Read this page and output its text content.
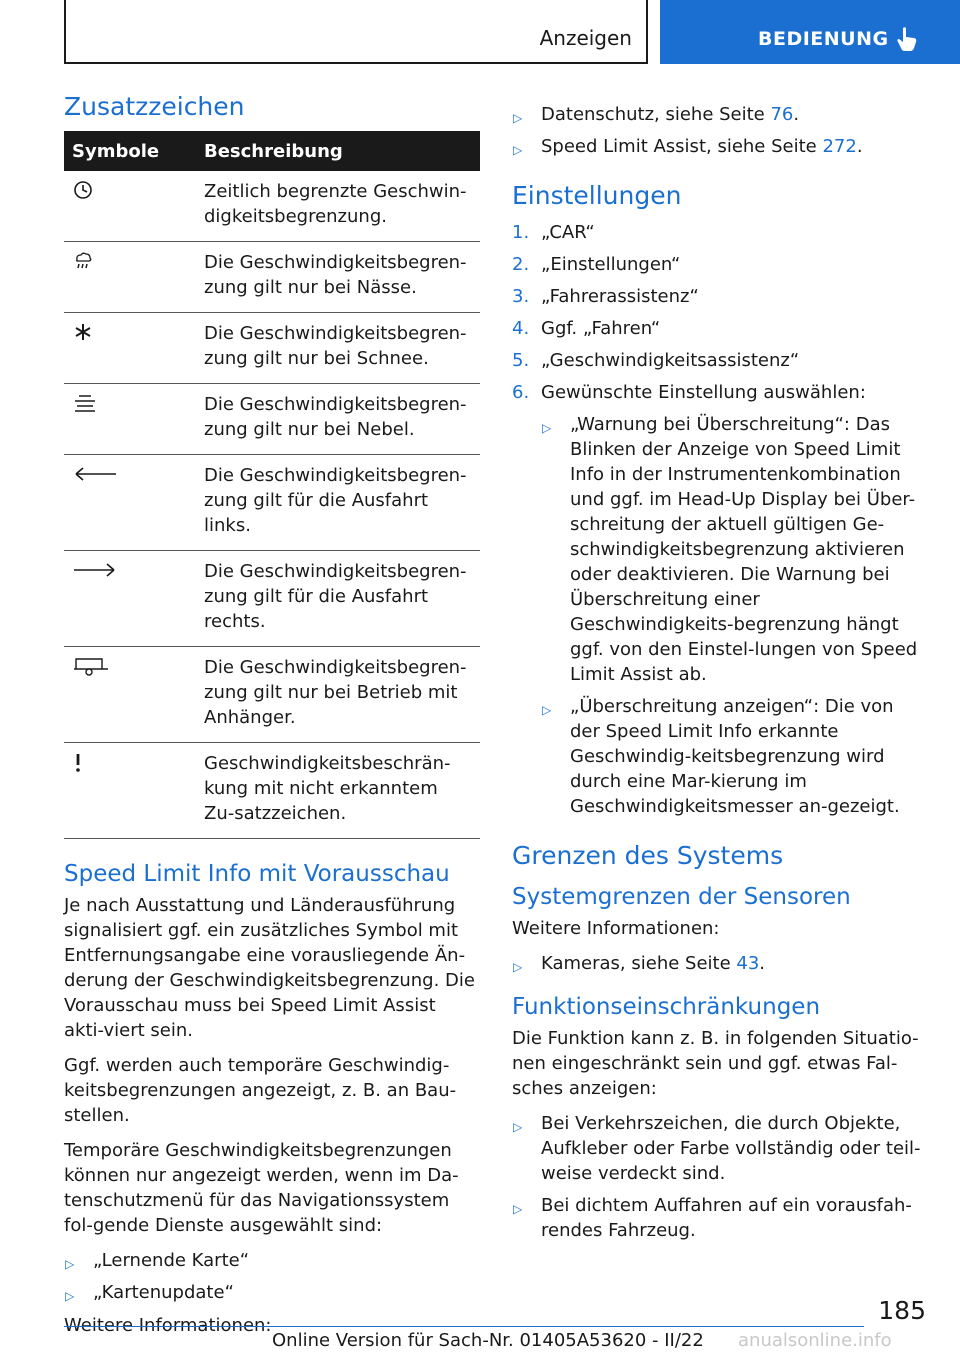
Anzeigen	BEDIENUNG
Zusatzzeichen
Symbole	Beschreibung
	Zeitlich begrenzte Geschwin-digkeitsbegrenzung.
	Die Geschwindigkeitsbegren-zung gilt nur bei Nässe.
	Die Geschwindigkeitsbegren-zung gilt nur bei Schnee.
	Die Geschwindigkeitsbegren-zung gilt nur bei Nebel.
	Die Geschwindigkeitsbegren-zung gilt für die Ausfahrt links.
	Die Geschwindigkeitsbegren-zung gilt für die Ausfahrt rechts.
	Die Geschwindigkeitsbegren-zung gilt nur bei Betrieb mit Anhänger.
	Geschwindigkeitsbeschrän-kung mit nicht erkanntem Zu-satzzeichen.
Speed Limit Info mit Vorausschau

Je nach Ausstattung und Länderausführung signalisiert ggf. ein zusätzliches Symbol mit Entfernungsangabe eine vorausliegende Än-derung der Geschwindigkeitsbegrenzung. Die Vorausschau muss bei Speed Limit Assist akti-viert sein.

Ggf. werden auch temporäre Geschwindig-keitsbegrenzungen angezeigt, z. B. an Bau-stellen.

Temporäre Geschwindigkeitsbegrenzungen können nur angezeigt werden, wenn im Da-tenschutzmenü für das Navigationssystem fol-gende Dienste ausgewählt sind:

▷ „Lernende Karte“
▷ „Kartenupdate“

Weitere Informationen:

▷ Datenschutz, siehe Seite 76.
▷ Speed Limit Assist, siehe Seite 272.
Einstellungen
1. „CAR“
2. „Einstellungen“
3. „Fahrerassistenz“
4. Ggf. „Fahren“
5. „Geschwindigkeitsassistenz“
6. Gewünschte Einstellung auswählen:
▷ „Warnung bei Überschreitung“: Das Blinken der Anzeige von Speed Limit Info in der Instrumentenkombination und ggf. im Head-Up Display bei Über-schreitung der aktuell gültigen Ge-schwindigkeitsbegrenzung aktivieren oder deaktivieren. Die Warnung bei Überschreitung einer Geschwindigkeits-begrenzung hängt ggf. von den Einstel-lungen von Speed Limit Assist ab.
▷ „Überschreitung anzeigen“: Die von der Speed Limit Info erkannte Geschwindig-keitsbegrenzung wird durch eine Mar-kierung im Geschwindigkeitsmesser an-gezeigt.
Grenzen des Systems
Systemgrenzen der Sensoren

Weitere Informationen:

▷ Kameras, siehe Seite 43.
Funktionseinschränkungen

Die Funktion kann z. B. in folgenden Situatio-nen eingeschränkt sein und ggf. etwas Fal-sches anzeigen:

▷ Bei Verkehrszeichen, die durch Objekte, Aufkleber oder Farbe vollständig oder teil-weise verdeckt sind.
▷ Bei dichtem Auffahren auf ein vorausfah-rendes Fahrzeug.
185
Online Version für Sach-Nr. 01405A53620 - II/22 anualsonline.info
